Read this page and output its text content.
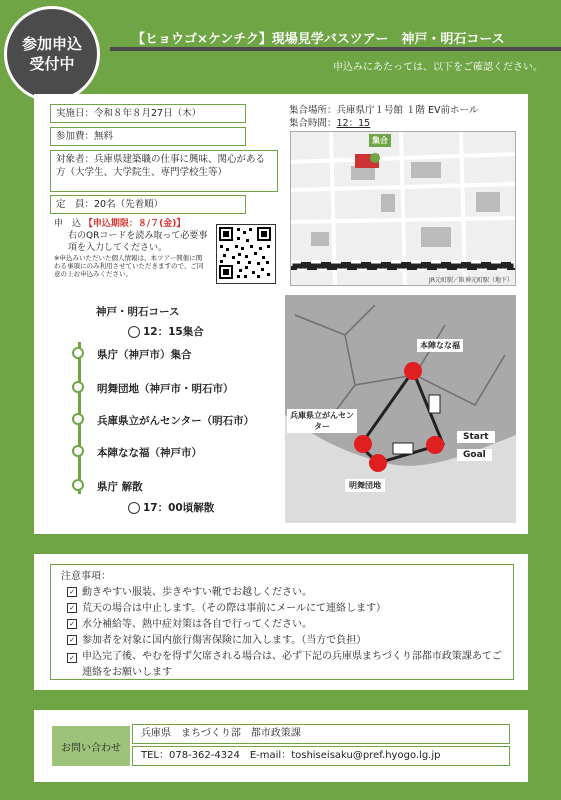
参加申込
受付中
【ヒョウゴ×ケンチク】現場見学バスツアー　神戸・明石コース
申込みにあたっては、以下をご確認ください。
実施日：令和８年８月27日（木）
参加費：無料
対象者：兵庫県建築職の仕事に興味、関心がある方（大学生、大学院生、専門学校生等）
定　員：20名（先着順）
申　込 【申込期限：８/７(金)】
右のQRコードを読み取って必要事項を入力してください。
※申込みいただいた個人情報は、本ツアー開催に関わる事項にのみ利用させていただきますので、ご同意の上お申込みください。
集合場所：兵庫県庁１号館 １階 EV前ホール
集合時間：12：15
集合
JR元町駅／阪神元町駅（地下）
神戸・明石コース
12：15集合
県庁（神戸市）集合
明舞団地（神戸市・明石市）
兵庫県立がんセンター（明石市）
本陣なな福（神戸市）
県庁 解散
17：00頃解散
本陣なな福
兵庫県立がんセンター
明舞団地
Start
Goal
注意事項：
✓ 動きやすい服装、歩きやすい靴でお越しください。
✓ 荒天の場合は中止します。（その際は事前にメールにて連絡します）
✓ 水分補給等、熱中症対策は各自で行ってください。
✓ 参加者を対象に国内旅行傷害保険に加入します。（当方で負担）
✓ 申込完了後、やむを得ず欠席される場合は、必ず下記の兵庫県まちづくり部都市政策課あてご連絡をお願いします
お問い合わせ
兵庫県　まちづくり部　都市政策課
TEL：078-362-4324　E-mail：toshiseisaku@pref.hyogo.lg.jp
